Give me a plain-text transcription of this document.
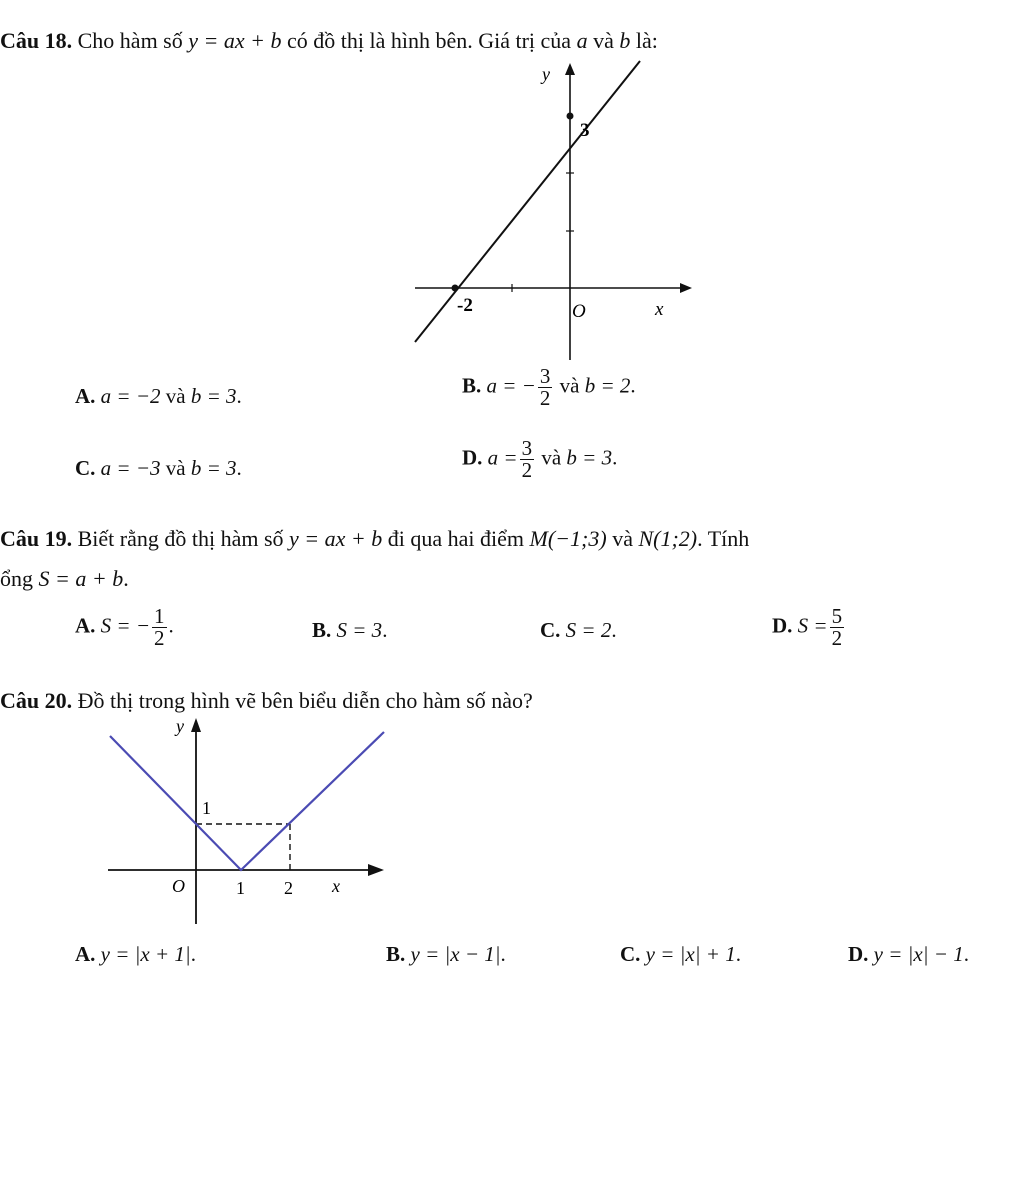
Câu 18. Cho hàm số y = ax + b có đồ thị là hình bên. Giá trị của a và b là:
y
3
-2	O	x
A. a = −2 và b = 3.	B. a = − $\frac{3}{2}$ và b = 2.
C. a = −3 và b = 3.	D. $a = \frac{3}{2}$ và b = 3.
Câu 19. Biết rằng đồ thị hàm số y = ax + b đi qua hai điểm M(−1;3) và N(1;2). Tính
ổng S = a + b.
A. S = − $\frac{1}{2}$ .	B. S = 3.	C. S = 2.	D. $S = \frac{5}{2}$
Câu 20. Đồ thị trong hình vẽ bên biểu diễn cho hàm số nào?
y
1
O	1 2 x
A. y = |x + 1|.	B. y = |x − 1|.	C. y = |x| + 1.	D. y = |x| − 1.
